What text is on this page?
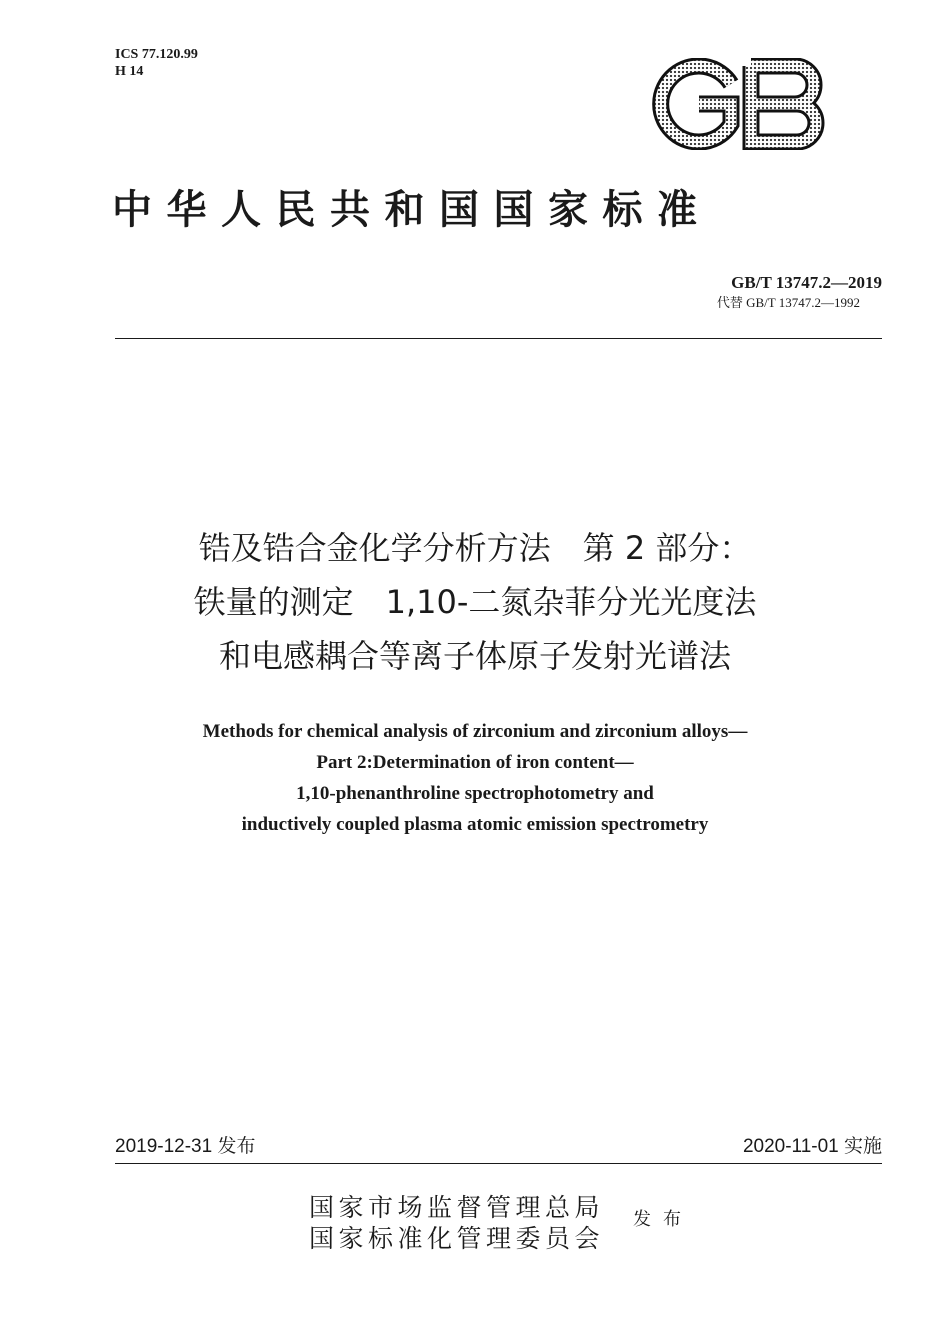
ICS 77.120.99
H 14
中华人民共和国国家标准
GB/T 13747.2—2019
代替 GB/T 13747.2—1992
锆及锆合金化学分析方法　第 2 部分：
铁量的测定　1,10-二氮杂菲分光光度法
和电感耦合等离子体原子发射光谱法
Methods for chemical analysis of zirconium and zirconium alloys—
Part 2:Determination of iron content—
1,10-phenanthroline spectrophotometry and
inductively coupled plasma atomic emission spectrometry
2019-12-31 发布	2020-11-01 实施
国家市场监督管理总局
国家标准化管理委员会
发布
